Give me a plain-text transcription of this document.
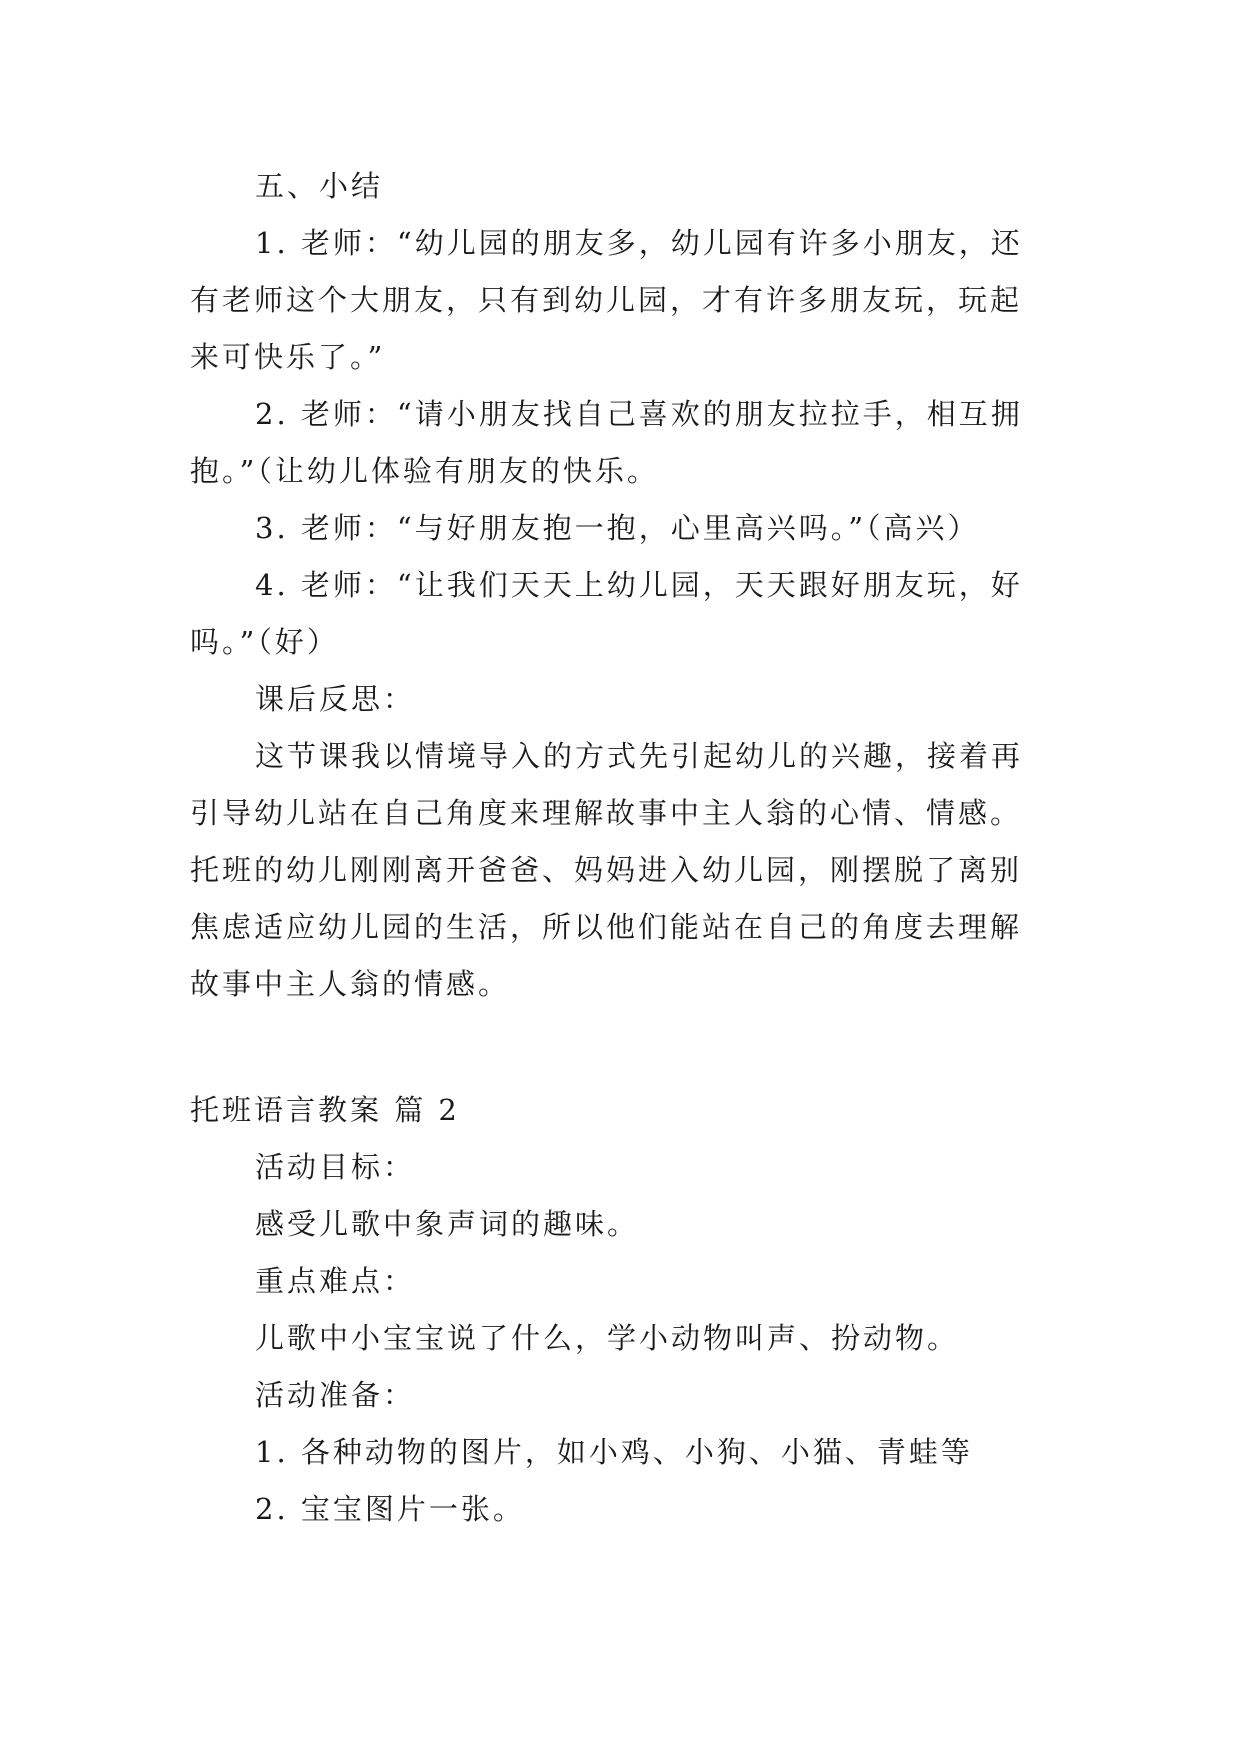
五、小结
1. 老师：“幼儿园的朋友多，幼儿园有许多小朋友，还
有老师这个大朋友，只有到幼儿园，才有许多朋友玩，玩起
来可快乐了。”
2. 老师：“请小朋友找自己喜欢的朋友拉拉手，相互拥
抱。”（让幼儿体验有朋友的快乐。
3. 老师：“与好朋友抱一抱，心里高兴吗。”（高兴）
4. 老师：“让我们天天上幼儿园，天天跟好朋友玩，好
吗。”（好）
课后反思：
这节课我以情境导入的方式先引起幼儿的兴趣，接着再
引导幼儿站在自己角度来理解故事中主人翁的心情、情感。
托班的幼儿刚刚离开爸爸、妈妈进入幼儿园，刚摆脱了离别
焦虑适应幼儿园的生活，所以他们能站在自己的角度去理解
故事中主人翁的情感。
托班语言教案 篇 2
活动目标：
感受儿歌中象声词的趣味。
重点难点：
儿歌中小宝宝说了什么，学小动物叫声、扮动物。
活动准备：
1. 各种动物的图片，如小鸡、小狗、小猫、青蛙等
2. 宝宝图片一张。
